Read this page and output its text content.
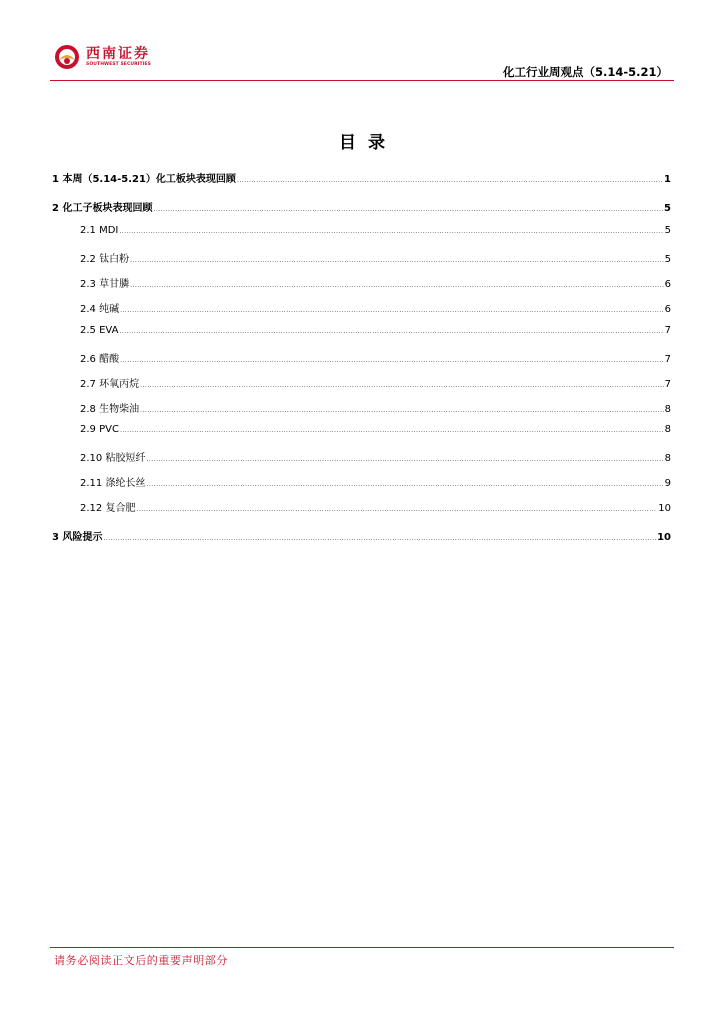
西南证券
SOUTHWEST SECURITIES
化工行业周观点（5.14-5.21）
目录
1 本周（5.14-5.21）化工板块表现回顾 .....	1
2 化工子板块表现回顾 .....	5
2.1 MDI .....	5
2.2 钛白粉 .....	5
2.3 草甘膦 .....	6
2.4 纯碱 .....	6
2.5 EVA .....	7
2.6 醋酸 .....	7
2.7 环氧丙烷 .....	7
2.8 生物柴油 .....	8
2.9 PVC .....	8
2.10 粘胶短纤 .....	8
2.11 涤纶长丝 .....	9
2.12 复合肥 .....	10
3 风险提示 .....	10
请务必阅读正文后的重要声明部分
